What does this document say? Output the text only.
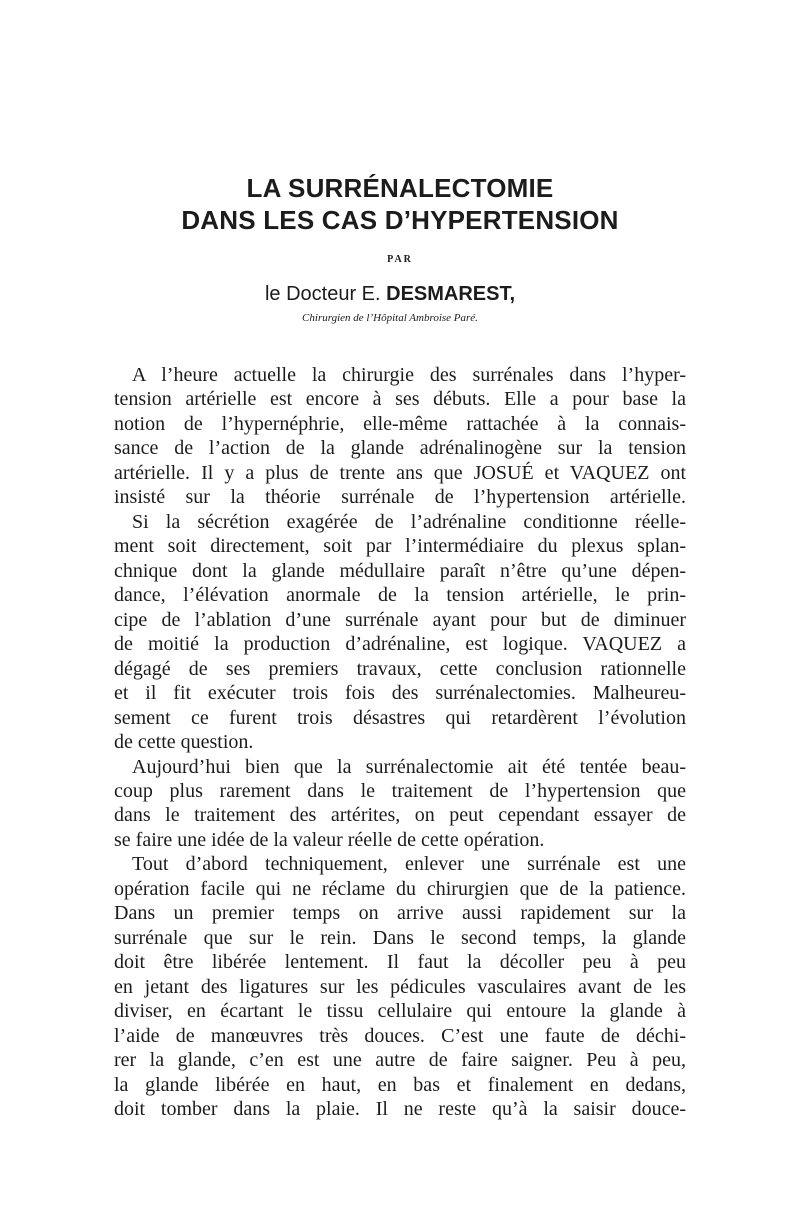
LA SURRÉNALECTOMIE
DANS LES CAS D’HYPERTENSION
PAR
le Docteur E. DESMAREST,
Chirurgien de l’Hôpital Ambroise Paré.
A l’heure actuelle la chirurgie des surrénales dans l’hyper-
tension artérielle est encore à ses débuts. Elle a pour base la
notion de l’hypernéphrie, elle-même rattachée à la connais-
sance de l’action de la glande adrénalinogène sur la tension
artérielle. Il y a plus de trente ans que JOSUÉ et VAQUEZ ont
insisté sur la théorie surrénale de l’hypertension artérielle.
Si la sécrétion exagérée de l’adrénaline conditionne réelle-
ment soit directement, soit par l’intermédiaire du plexus splan-
chnique dont la glande médullaire paraît n’être qu’une dépen-
dance, l’élévation anormale de la tension artérielle, le prin-
cipe de l’ablation d’une surrénale ayant pour but de diminuer
de moitié la production d’adrénaline, est logique. VAQUEZ a
dégagé de ses premiers travaux, cette conclusion rationnelle
et il fit exécuter trois fois des surrénalectomies. Malheureu-
sement ce furent trois désastres qui retardèrent l’évolution
de cette question.
Aujourd’hui bien que la surrénalectomie ait été tentée beau-
coup plus rarement dans le traitement de l’hypertension que
dans le traitement des artérites, on peut cependant essayer de
se faire une idée de la valeur réelle de cette opération.
Tout d’abord techniquement, enlever une surrénale est une
opération facile qui ne réclame du chirurgien que de la patience.
Dans un premier temps on arrive aussi rapidement sur la
surrénale que sur le rein. Dans le second temps, la glande
doit être libérée lentement. Il faut la décoller peu à peu
en jetant des ligatures sur les pédicules vasculaires avant de les
diviser, en écartant le tissu cellulaire qui entoure la glande à
l’aide de manœuvres très douces. C’est une faute de déchi-
rer la glande, c’en est une autre de faire saigner. Peu à peu,
la glande libérée en haut, en bas et finalement en dedans,
doit tomber dans la plaie. Il ne reste qu’à la saisir douce-
